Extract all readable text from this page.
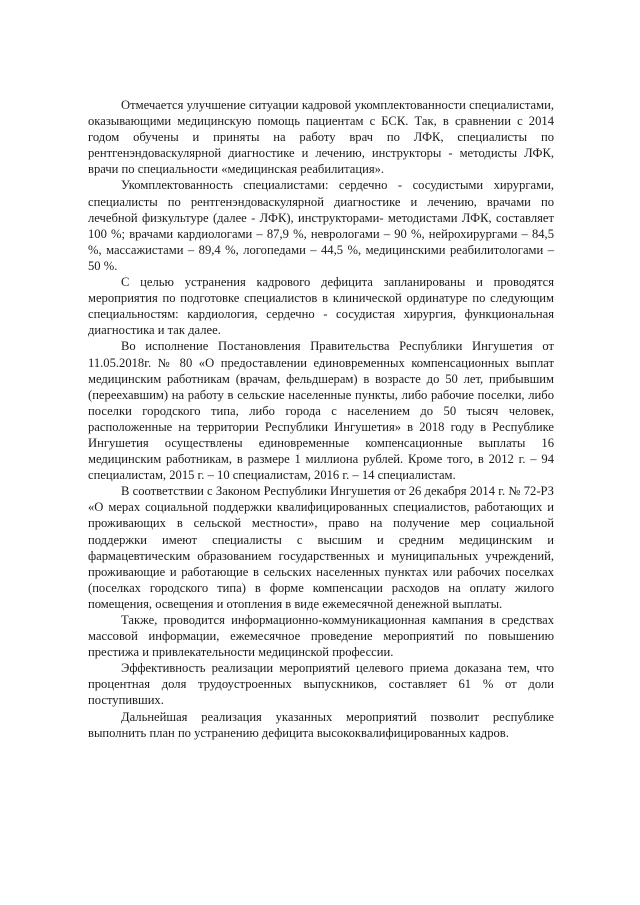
Отмечается улучшение ситуации кадровой укомплектованности специалистами, оказывающими медицинскую помощь пациентам с БСК. Так, в сравнении с 2014 годом обучены и приняты на работу врач по ЛФК, специалисты по рентгенэндоваскулярной диагностике и лечению, инструкторы - методисты ЛФК, врачи по специальности «медицинская реабилитация».

Укомплектованность специалистами: сердечно - сосудистыми хирургами, специалисты по рентгенэндоваскулярной диагностике и лечению, врачами по лечебной физкультуре (далее - ЛФК), инструкторами- методистами ЛФК, составляет 100 %; врачами кардиологами – 87,9 %, неврологами – 90 %, нейрохирургами – 84,5 %, массажистами – 89,4 %, логопедами – 44,5 %, медицинскими реабилитологами – 50 %.

С целью устранения кадрового дефицита запланированы и проводятся мероприятия по подготовке специалистов в клинической ординатуре по следующим специальностям: кардиология, сердечно - сосудистая хирургия, функциональная диагностика и так далее.

Во исполнение Постановления Правительства Республики Ингушетия от 11.05.2018г. № 80 «О предоставлении единовременных компенсационных выплат медицинским работникам (врачам, фельдшерам) в возрасте до 50 лет, прибывшим (переехавшим) на работу в сельские населенные пункты, либо рабочие поселки, либо поселки городского типа, либо города с населением до 50 тысяч человек, расположенные на территории Республики Ингушетия» в 2018 году в Республике Ингушетия осуществлены единовременные компенсационные выплаты 16 медицинским работникам, в размере 1 миллиона рублей. Кроме того, в 2012 г. – 94 специалистам, 2015 г. – 10 специалистам, 2016 г. – 14 специалистам.

В соответствии с Законом Республики Ингушетия от 26 декабря 2014 г. № 72-РЗ «О мерах социальной поддержки квалифицированных специалистов, работающих и проживающих в сельской местности», право на получение мер социальной поддержки имеют специалисты с высшим и средним медицинским и фармацевтическим образованием государственных и муниципальных учреждений, проживающие и работающие в сельских населенных пунктах или рабочих поселках (поселках городского типа) в форме компенсации расходов на оплату жилого помещения, освещения и отопления в виде ежемесячной денежной выплаты.

Также, проводится информационно-коммуникационная кампания в средствах массовой информации, ежемесячное проведение мероприятий по повышению престижа и привлекательности медицинской профессии.

Эффективность реализации мероприятий целевого приема доказана тем, что процентная доля трудоустроенных выпускников, составляет 61 % от доли поступивших.

Дальнейшая реализация указанных мероприятий позволит республике выполнить план по устранению дефицита высококвалифицированных кадров.
